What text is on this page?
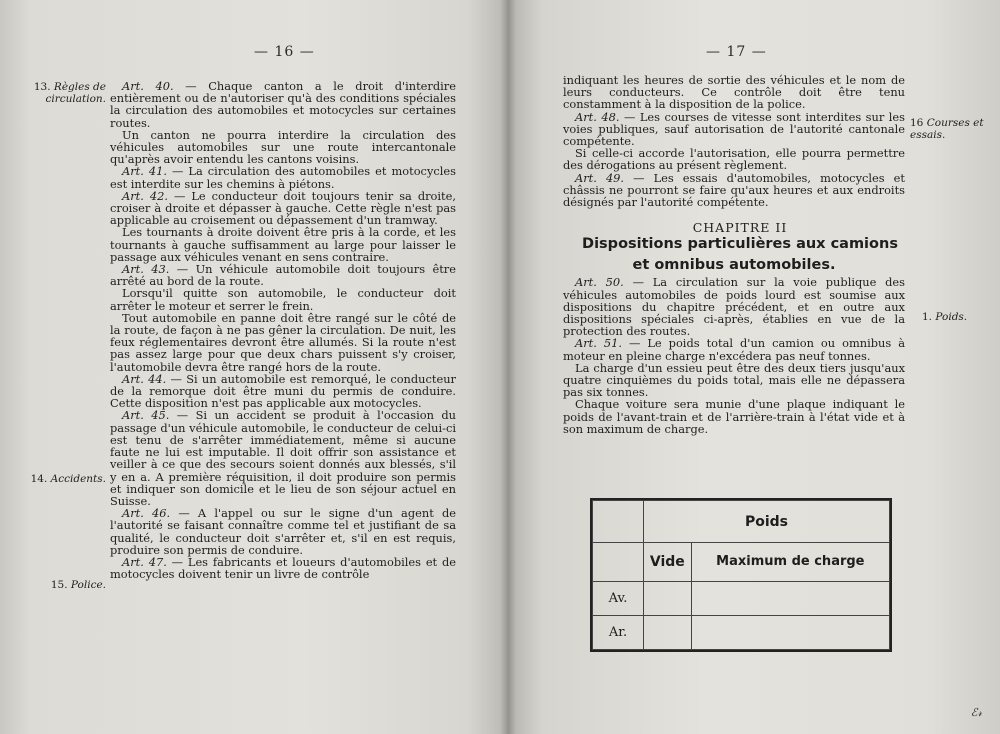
— 16 —
13. Règles de circulation.
14. Accidents.
15. Police.

Art. 40. — Chaque canton a le droit d'interdire entièrement ou de n'autoriser qu'à des conditions spéciales la circulation des automobiles et motocycles sur certaines routes.

Un canton ne pourra interdire la circulation des véhicules automobiles sur une route intercantonale qu'après avoir entendu les cantons voisins.

Art. 41. — La circulation des automobiles et motocycles est interdite sur les chemins à piétons.

Art. 42. — Le conducteur doit toujours tenir sa droite, croiser à droite et dépasser à gauche. Cette règle n'est pas applicable au croisement ou dépassement d'un tramway.

Les tournants à droite doivent être pris à la corde, et les tournants à gauche suffisamment au large pour laisser le passage aux véhicules venant en sens contraire.

Art. 43. — Un véhicule automobile doit toujours être arrêté au bord de la route.

Lorsqu'il quitte son automobile, le conducteur doit arrêter le moteur et serrer le frein.

Tout automobile en panne doit être rangé sur le côté de la route, de façon à ne pas gêner la circulation. De nuit, les feux réglementaires devront être allumés. Si la route n'est pas assez large pour que deux chars puissent s'y croiser, l'automobile devra être rangé hors de la route.

Art. 44. — Si un automobile est remorqué, le conducteur de la remorque doit être muni du permis de conduire. Cette disposition n'est pas applicable aux motocycles.

Art. 45. — Si un accident se produit à l'occasion du passage d'un véhicule automobile, le conducteur de celui-ci est tenu de s'arrêter immédiatement, même si aucune faute ne lui est imputable. Il doit offrir son assistance et veiller à ce que des secours soient donnés aux blessés, s'il y en a. A première réquisition, il doit produire son permis et indiquer son domicile et le lieu de son séjour actuel en Suisse.

Art. 46. — A l'appel ou sur le signe d'un agent de l'autorité se faisant connaître comme tel et justifiant de sa qualité, le conducteur doit s'arrêter et, s'il en est requis, produire son permis de conduire.

Art. 47. — Les fabricants et loueurs d'automobiles et de motocycles doivent tenir un livre de contrôle

— 17 —
16 Courses et essais.
1. Poids.

indiquant les heures de sortie des véhicules et le nom de leurs conducteurs. Ce contrôle doit être tenu constamment à la disposition de la police.

Art. 48. — Les courses de vitesse sont interdites sur les voies publiques, sauf autorisation de l'autorité cantonale compétente.

Si celle-ci accorde l'autorisation, elle pourra permettre des dérogations au présent règlement.

Art. 49. — Les essais d'automobiles, motocycles et châssis ne pourront se faire qu'aux heures et aux endroits désignés par l'autorité compétente.

CHAPITRE II

Dispositions particulières aux camions et omnibus automobiles.

Art. 50. — La circulation sur la voie publique des véhicules automobiles de poids lourd est soumise aux dispositions du chapitre précédent, et en outre aux dispositions spéciales ci-après, établies en vue de la protection des routes.

Art. 51. — Le poids total d'un camion ou omnibus à moteur en pleine charge n'excédera pas neuf tonnes.

La charge d'un essieu peut être des deux tiers jusqu'aux quatre cinquièmes du poids total, mais elle ne dépassera pas six tonnes.

Chaque voiture sera munie d'une plaque indiquant le poids de l'avant-train et de l'arrière-train à l'état vide et à son maximum de charge.

	Poids	
	Vide	Maximum de charge
Av.		
Ar.		
ℰ𝓇
